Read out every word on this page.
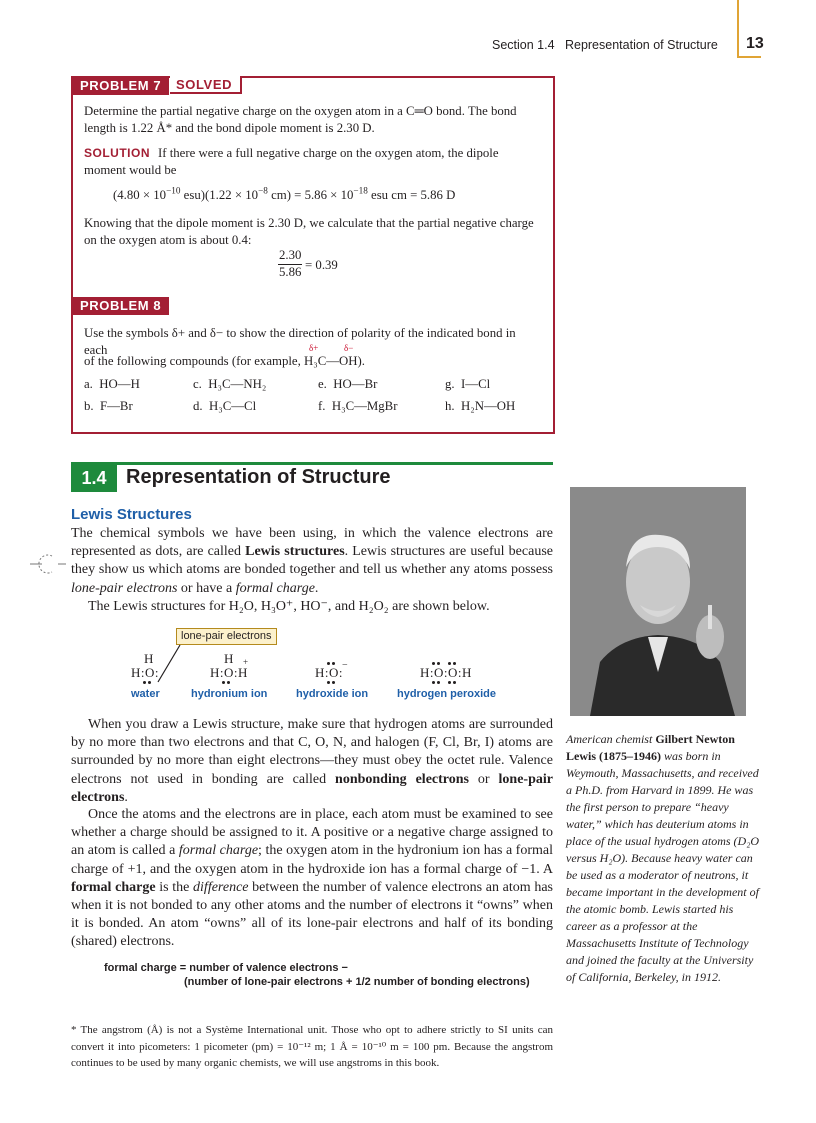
Section 1.4 Representation of Structure 13
PROBLEM 7	SOLVED
Determine the partial negative charge on the oxygen atom in a C═O bond. The bond length is 1.22 Å* and the bond dipole moment is 2.30 D.
SOLUTION If there were a full negative charge on the oxygen atom, the dipole moment would be
($4.80 \times 10^{-10}$ $esu)(1.22 \times 10^{-8}$ $cm) = 5.86 \times 10^{-18}$ esu cm = 5.86 D
Knowing that the dipole moment is 2.30 D, we calculate that the partial negative charge on the oxygen atom is about 0.4:
$\frac{2.30}{5.86} = 0.39$
PROBLEM 8
Use the symbols δ+ and δ− to show the direction of polarity of the indicated bond in each	δ+	δ−
of the following compounds (for example, H₃C—OH).
a. HO—H	c. H₃C—NH₂	e. HO—Br	g. I—Cl
b. F—Br	d. H₃C—Cl	f. H₃C—MgBr	h. H₂N—OH
1.4 Representation of Structure
Lewis Structures
The chemical symbols we have been using, in which the valence electrons are represented as dots, are called Lewis structures. Lewis structures are useful because they show us which atoms are bonded together and tell us whether any atoms possess lone-pair electrons or have a formal charge.
The Lewis structures for H₂O, H₃O⁺, HO⁻, and H₂O₂ are shown below.
lone-pair electrons
H
H:O:
water
H
H:O:H
+
hydronium ion
H:O: −
hydroxide ion
H:O:O:H
hydrogen peroxide
When you draw a Lewis structure, make sure that hydrogen atoms are surrounded by no more than two electrons and that C, O, N, and halogen (F, Cl, Br, I) atoms are surrounded by no more than eight electrons—they must obey the octet rule. Valence electrons not used in bonding are called nonbonding electrons or lone-pair electrons.
Once the atoms and the electrons are in place, each atom must be examined to see whether a charge should be assigned to it. A positive or a negative charge assigned to an atom is called a formal charge; the oxygen atom in the hydronium ion has a formal charge of +1, and the oxygen atom in the hydroxide ion has a formal charge of −1. A formal charge is the difference between the number of valence electrons an atom has when it is not bonded to any other atoms and the number of electrons it “owns” when it is bonded. An atom “owns” all of its lone-pair electrons and half of its bonding (shared) electrons.
formal charge = number of valence electrons −
(number of lone-pair electrons + 1/2 number of bonding electrons)
* The angstrom (Å) is not a Système International unit. Those who opt to adhere strictly to SI units can convert it into picometers: 1 picometer (pm) = 10⁻¹² m; 1 Å = 10⁻¹⁰ m = 100 pm. Because the angstrom continues to be used by many organic chemists, we will use angstroms in this book.
American chemist Gilbert Newton Lewis (1875–1946) was born in Weymouth, Massachusetts, and received a Ph.D. from Harvard in 1899. He was the first person to prepare “heavy water,” which has deuterium atoms in place of the usual hydrogen atoms (D₂O versus H₂O). Because heavy water can be used as a moderator of neutrons, it became important in the development of the atomic bomb. Lewis started his career as a professor at the Massachusetts Institute of Technology and joined the faculty at the University of California, Berkeley, in 1912.
